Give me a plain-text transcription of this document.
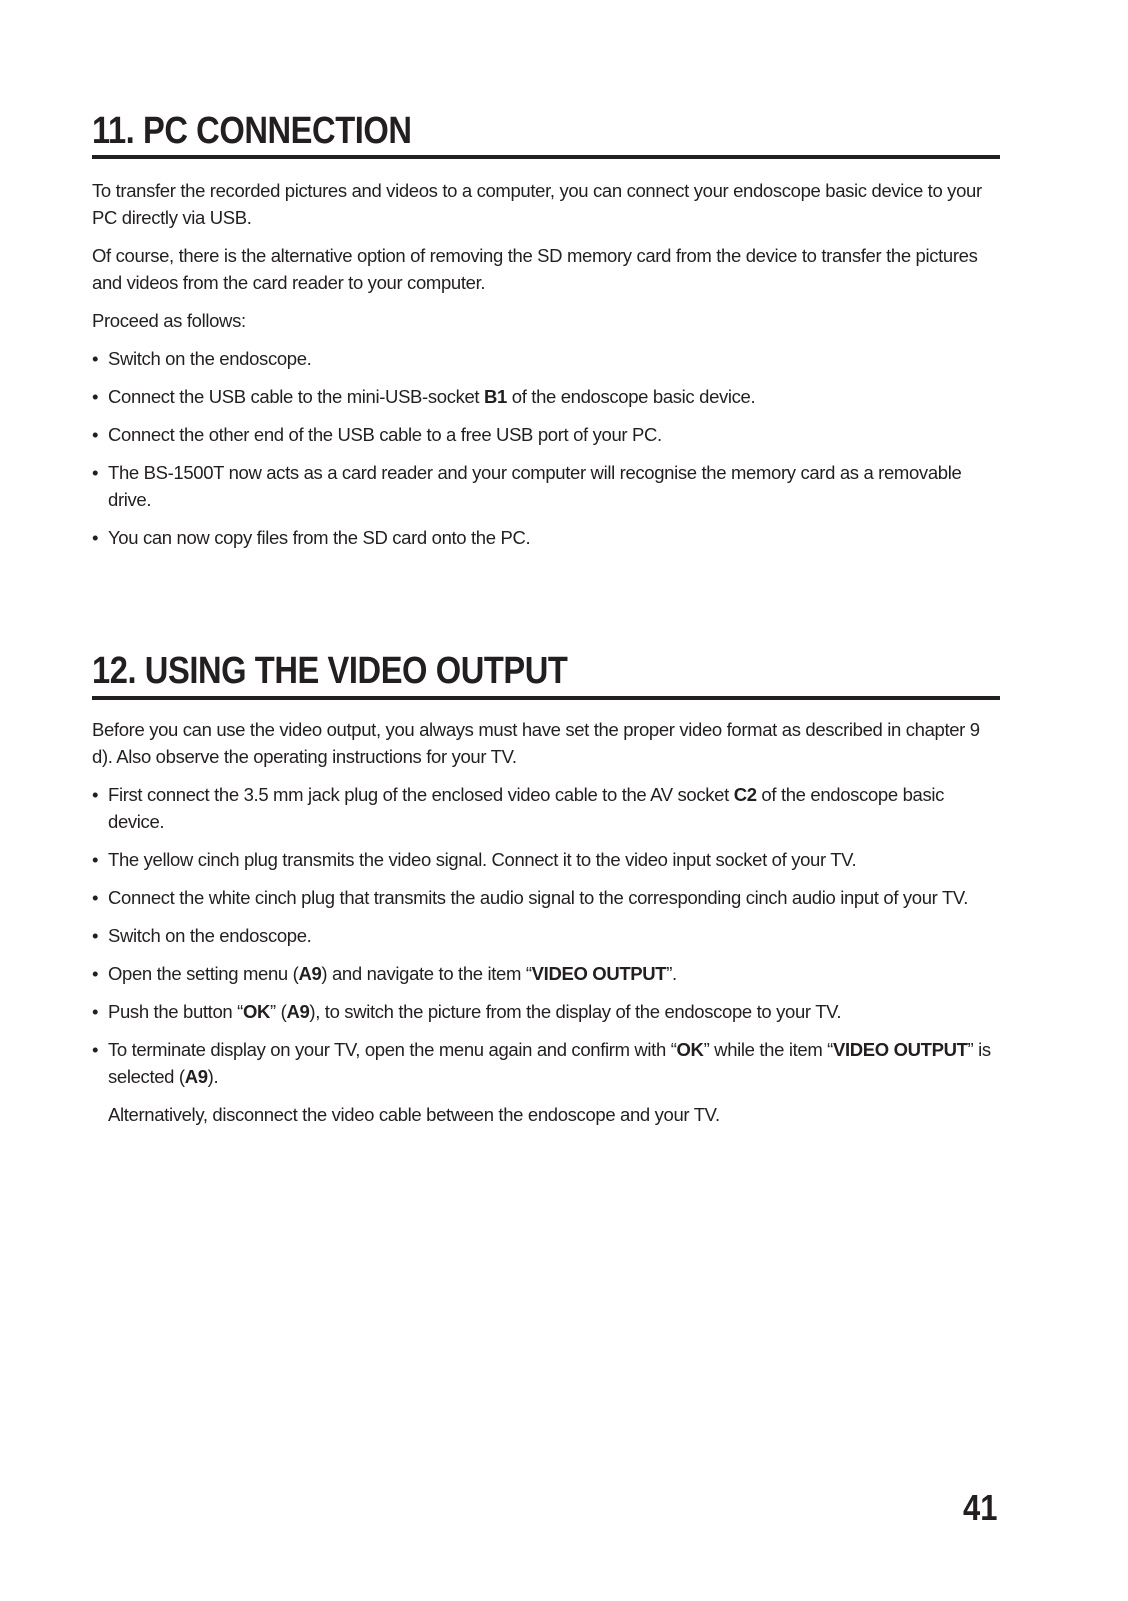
11. PC CONNECTION

To transfer the recorded pictures and videos to a computer, you can connect your endoscope basic device to your PC directly via USB.

Of course, there is the alternative option of removing the SD memory card from the device to transfer the pictures and videos from the card reader to your computer.

Proceed as follows:

• Switch on the endoscope.
• Connect the USB cable to the mini-USB-socket B1 of the endoscope basic device.
• Connect the other end of the USB cable to a free USB port of your PC.
• The BS-1500T now acts as a card reader and your computer will recognise the memory card as a removable drive.
• You can now copy files from the SD card onto the PC.
12. USING THE VIDEO OUTPUT

Before you can use the video output, you always must have set the proper video format as described in chapter 9 d). Also observe the operating instructions for your TV.

• First connect the 3.5 mm jack plug of the enclosed video cable to the AV socket C2 of the endoscope basic device.
• The yellow cinch plug transmits the video signal. Connect it to the video input socket of your TV.
• Connect the white cinch plug that transmits the audio signal to the corresponding cinch audio input of your TV.
• Switch on the endoscope.
• Open the setting menu (A9) and navigate to the item “VIDEO OUTPUT”.
• Push the button “OK” (A9), to switch the picture from the display of the endoscope to your TV.
• To terminate display on your TV, open the menu again and confirm with “OK” while the item “VIDEO OUTPUT” is selected (A9).

Alternatively, disconnect the video cable between the endoscope and your TV.

41
